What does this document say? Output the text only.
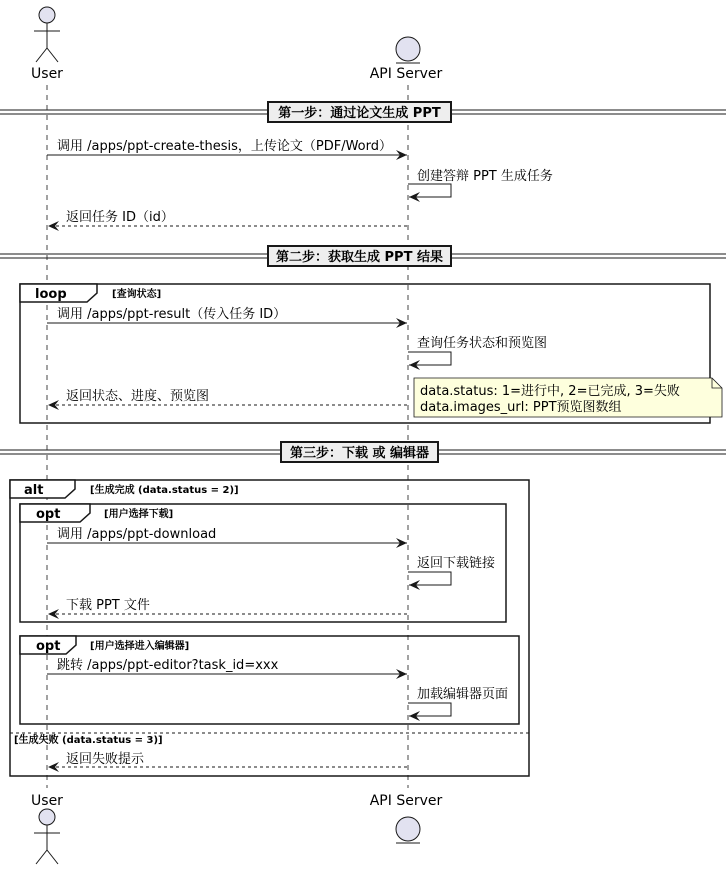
User	API Server
第一步：通过论文生成 PPT
调用 /apps/ppt-create-thesis，上传论文（PDF/Word）
创建答辩 PPT 生成任务
返回任务 ID（id）
第二步：获取生成 PPT 结果
loop	[查询状态]
调用 /apps/ppt-result（传入任务 ID）
查询任务状态和预览图
返回状态、进度、预览图	data.status: 1=进行中, 2=已完成, 3=失败
data.images_url: PPT预览图数组
第三步：下载 或 编辑器
alt	[生成完成 (data.status = 2)]
[生成失败 (data.status = 3)]
opt	[用户选择下载]
调用 /apps/ppt-download
返回下载链接
下载 PPT 文件
opt	[用户选择进入编辑器]
跳转 /apps/ppt-editor?task_id=xxx
加载编辑器页面
返回失败提示
User	API Server
